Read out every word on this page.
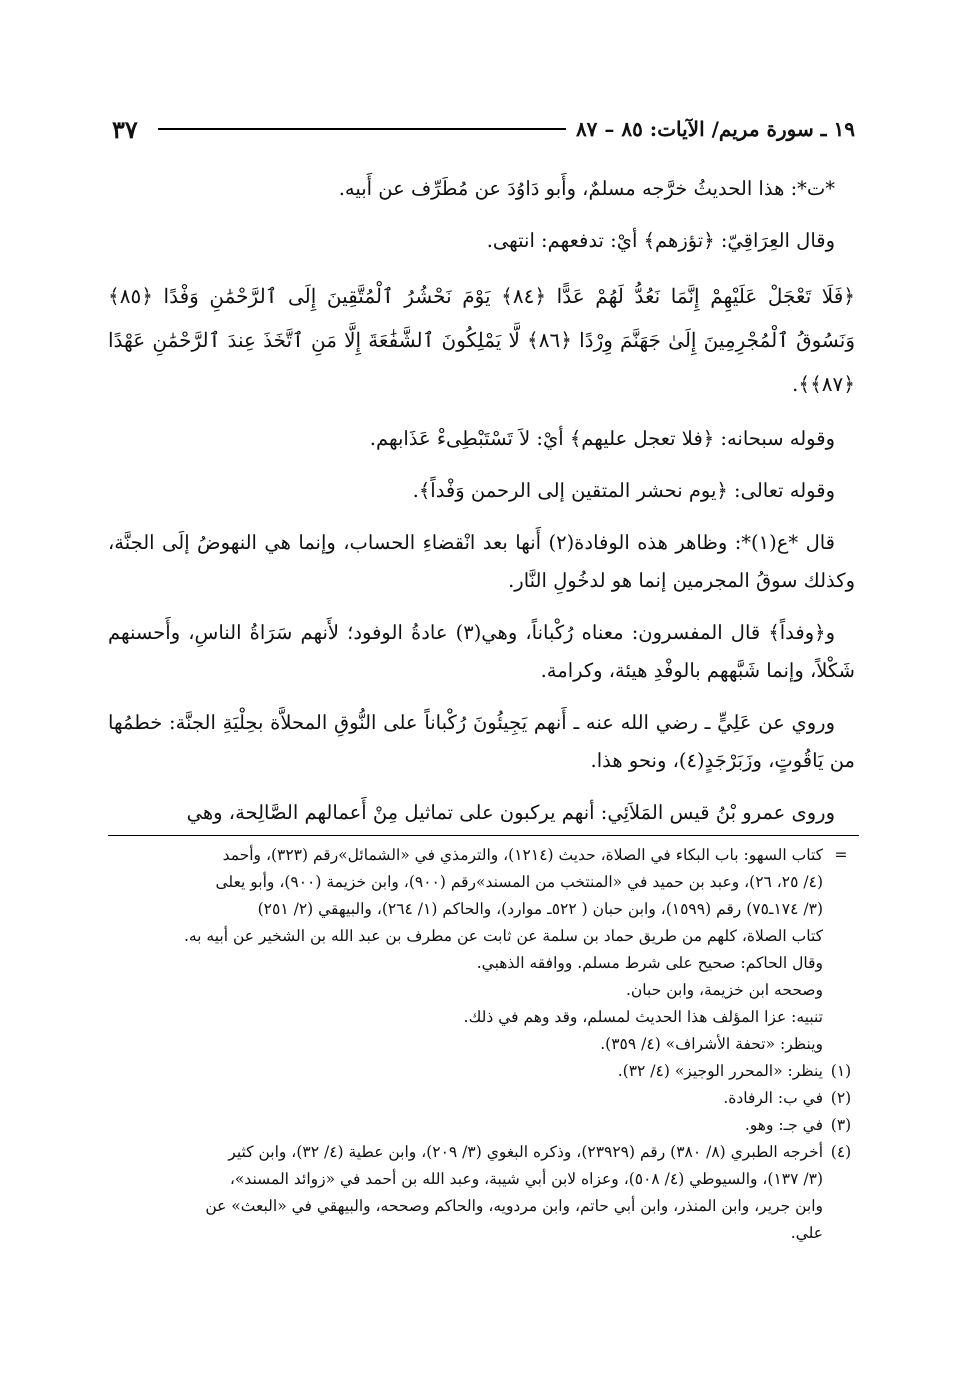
٣٧	١٩ ـ سورة مريم/ الآيات: ٨٥ – ٨٧

*ت*: هذا الحديثُ خرَّجه مسلمٌ، وأَبو دَاوُدَ عن مُطَرِّف عن أَبيه.

وقال العِرَاقِيّ: ﴿تؤزهم﴾ أيْ: تدفعهم: انتهى.

﴿فَلَا تَعْجَلْ عَلَيْهِمْ إِنَّمَا نَعُدُّ لَهُمْ عَدًّا ﴿٨٤﴾ يَوْمَ نَحْشُرُ ٱلْمُتَّقِينَ إِلَى ٱلرَّحْمَٰنِ وَفْدًا ﴿٨٥﴾ وَنَسُوقُ ٱلْمُجْرِمِينَ إِلَىٰ جَهَنَّمَ وِرْدًا ﴿٨٦﴾ لَّا يَمْلِكُونَ ٱلشَّفَٰعَةَ إِلَّا مَنِ ٱتَّخَذَ عِندَ ٱلرَّحْمَٰنِ عَهْدًا ﴿٨٧﴾﴾.

وقوله سبحانه: ﴿فلا تعجل عليهم﴾ أيْ: لاَ تَسْتَبْطِىءْ عَذَابهم.

وقوله تعالى: ﴿يوم نحشر المتقين إلى الرحمن وَفْداً﴾.

قال *ع(١)*: وظاهر هذه الوفادة(٢) أَنها بعد انْقضاءِ الحساب، وإنما هي النهوضُ إلَى الجنَّة، وكذلك سوقُ المجرمين إنما هو لدخُولِ النَّار.

و﴿وفداً﴾ قال المفسرون: معناه رُكْباناً، وهي(٣) عادةُ الوفود؛ لأَنهم سَرَاةُ الناسِ، وأَحسنهم شَكْلاً، وإنما شَبَّههم بالوفْدِ هيئة، وكرامة.

وروي عن عَلِيٍّ ـ رضي الله عنه ـ أَنهم يَجِيئُونَ رُكْباناً على النُّوقِ المحلاَّة بحِلْيَةِ الجنَّة: خطمُها من يَاقُوتٍ، وزَبَرْجَدٍ(٤)، ونحو هذا.

وروى عمرو بْنُ قيس المَلاَئِي: أنهم يركبون على تماثيل مِنْ أَعمالهم الصَّالِحة، وهي

=
كتاب السهو: باب البكاء في الصلاة، حديث (١٢١٤)، والترمذي في «الشمائل»رقم (٣٢٣)، وأحمد
(٤/ ٢٥، ٢٦)، وعبد بن حميد في «المنتخب من المسند»رقم (٩٠٠)، وابن خزيمة (٩٠٠)، وأبو يعلى
(٣/ ١٧٤ـ٧٥) رقم (١٥٩٩)، وابن حبان ( ٥٢٢ـ موارد)، والحاكم (١/ ٢٦٤)، والبيهقي (٢/ ٢٥١)
كتاب الصلاة، كلهم من طريق حماد بن سلمة عن ثابت عن مطرف بن عبد الله بن الشخير عن أبيه به.
وقال الحاكم: صحيح على شرط مسلم. ووافقه الذهبي.
وصححه ابن خزيمة، وابن حبان.
تنبيه: عزا المؤلف هذا الحديث لمسلم، وقد وهم في ذلك.
وينظر: «تحفة الأشراف» (٤/ ٣٥٩).
(١)
ينظر: «المحرر الوجيز» (٤/ ٣٢).
(٢)
في ب: الرفادة.
(٣)
في جـ: وهو.
(٤)
أخرجه الطبري (٨/ ٣٨٠) رقم (٢٣٩٢٩)، وذكره البغوي (٣/ ٢٠٩)، وابن عطية (٤/ ٣٢)، وابن كثير
(٣/ ١٣٧)، والسيوطي (٤/ ٥٠٨)، وعزاه لابن أبي شيبة، وعبد الله بن أحمد في «زوائد المسند»،
وابن جرير، وابن المنذر، وابن أبي حاتم، وابن مردويه، والحاكم وصححه، والبيهقي في «البعث» عن
علي.
